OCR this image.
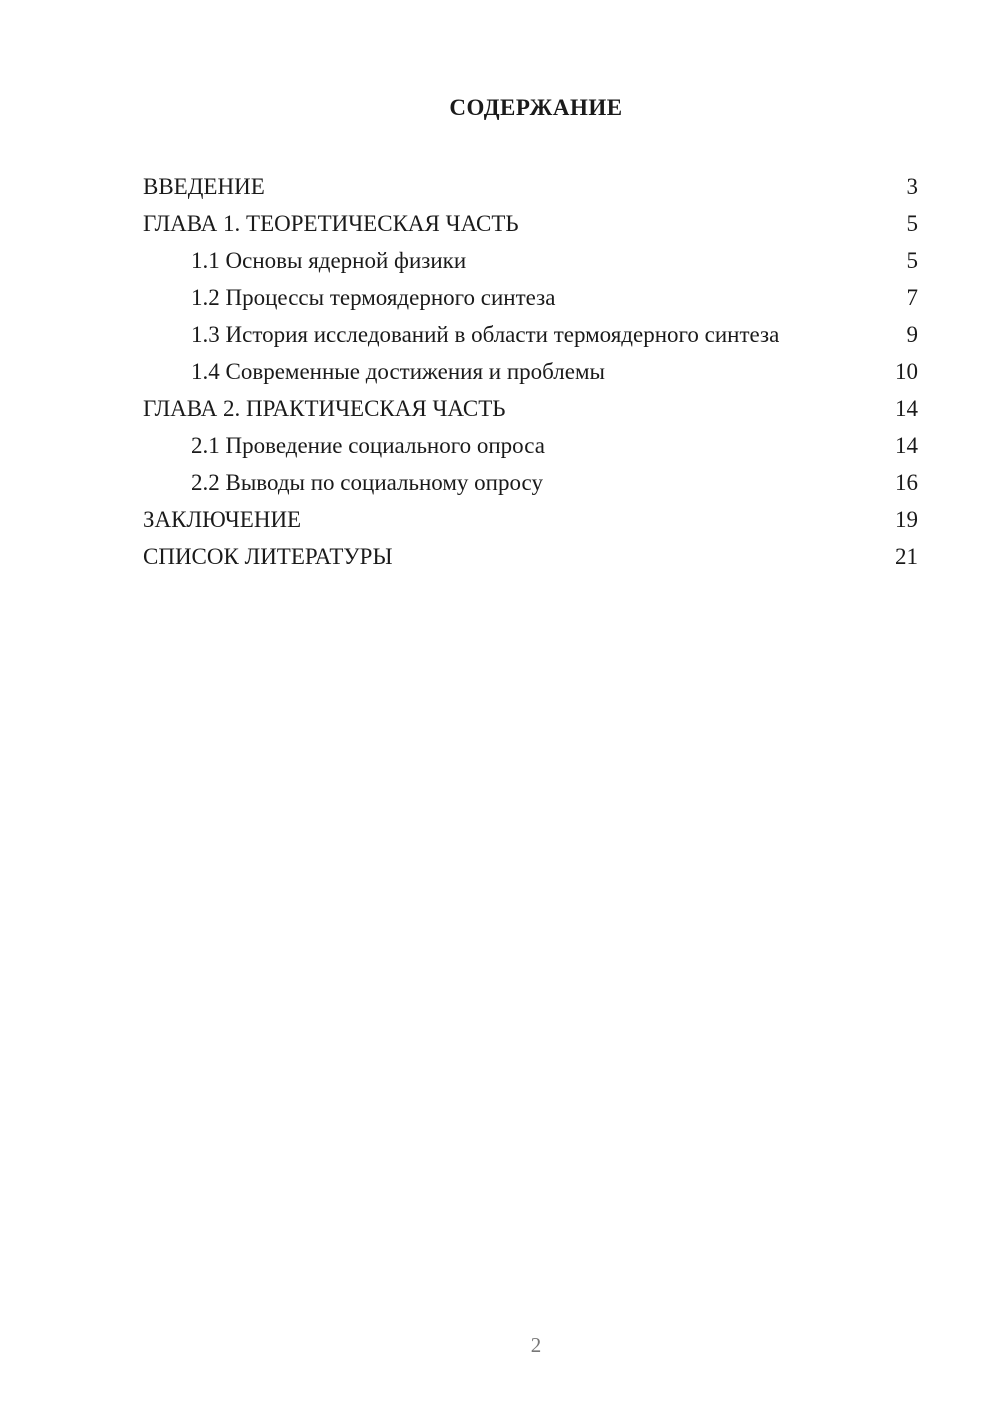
СОДЕРЖАНИЕ
ВВЕДЕНИЕ	3
ГЛАВА 1. ТЕОРЕТИЧЕСКАЯ ЧАСТЬ	5
1.1 Основы ядерной физики	5
1.2 Процессы термоядерного синтеза	7
1.3 История исследований в области термоядерного синтеза	9
1.4 Современные достижения и проблемы	10
ГЛАВА 2. ПРАКТИЧЕСКАЯ ЧАСТЬ	14
2.1 Проведение социального опроса	14
2.2 Выводы по социальному опросу	16
ЗАКЛЮЧЕНИЕ	19
СПИСОК ЛИТЕРАТУРЫ	21
2
